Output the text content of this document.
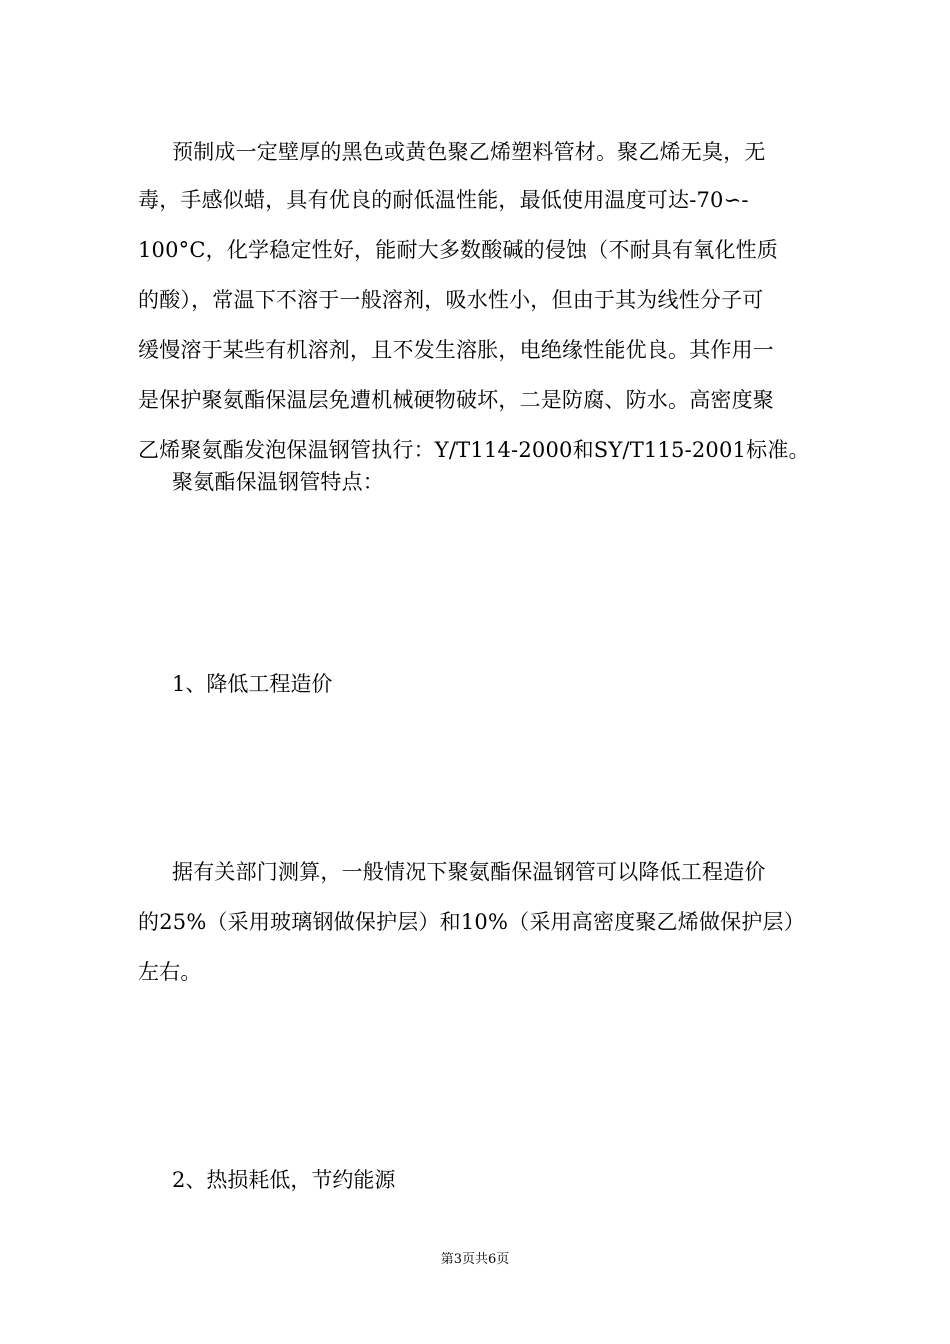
预制成一定壁厚的黑色或黄色聚乙烯塑料管材。聚乙烯无臭，无
毒，手感似蜡，具有优良的耐低温性能，最低使用温度可达-70∽-
100°C，化学稳定性好，能耐大多数酸碱的侵蚀（不耐具有氧化性质
的酸），常温下不溶于一般溶剂，吸水性小，但由于其为线性分子可
缓慢溶于某些有机溶剂，且不发生溶胀，电绝缘性能优良。其作用一
是保护聚氨酯保温层免遭机械硬物破坏，二是防腐、防水。高密度聚
乙烯聚氨酯发泡保温钢管执行：Y/T114-2000和SY/T115-2001标准。
聚氨酯保温钢管特点：
1、降低工程造价
据有关部门测算，一般情况下聚氨酯保温钢管可以降低工程造价
的25%（采用玻璃钢做保护层）和10%（采用高密度聚乙烯做保护层）
左右。
2、热损耗低，节约能源
第3页共6页
